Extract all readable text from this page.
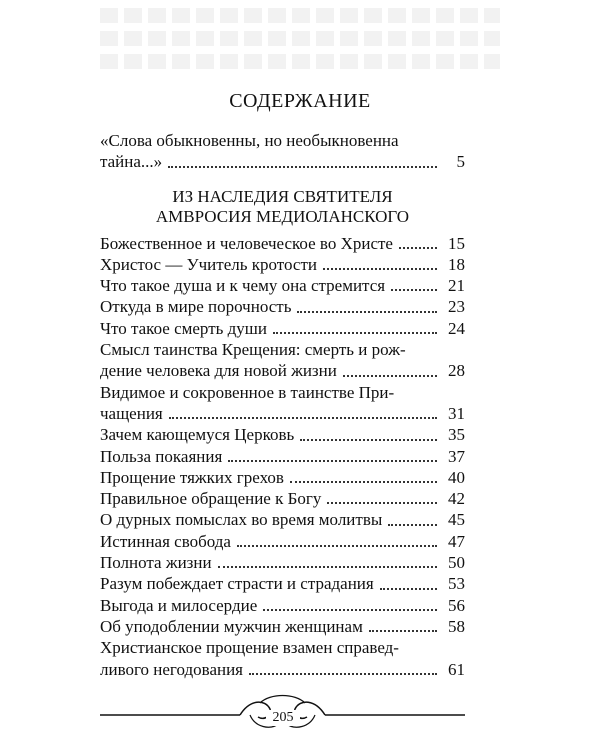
СОДЕРЖАНИЕ
«Слова обыкновенны, но необыкновенна
тайна...»	5
ИЗ НАСЛЕДИЯ СВЯТИТЕЛЯ
АМВРОСИЯ МЕДИОЛАНСКОГО
Божественное и человеческое во Христе	15
Христос — Учитель кротости	18
Что такое душа и к чему она стремится	21
Откуда в мире порочность	23
Что такое смерть души	24
Смысл таинства Крещения: смерть и рож-
дение человека для новой жизни	28
Видимое и сокровенное в таинстве При-
чащения	31
Зачем кающемуся Церковь	35
Польза покаяния	37
Прощение тяжких грехов	40
Правильное обращение к Богу	42
О дурных помыслах во время молитвы	45
Истинная свобода	47
Полнота жизни	50
Разум побеждает страсти и страдания	53
Выгода и милосердие	56
Об уподоблении мужчин женщинам	58
Христианское прощение взамен справед-
ливого негодования	61
205
